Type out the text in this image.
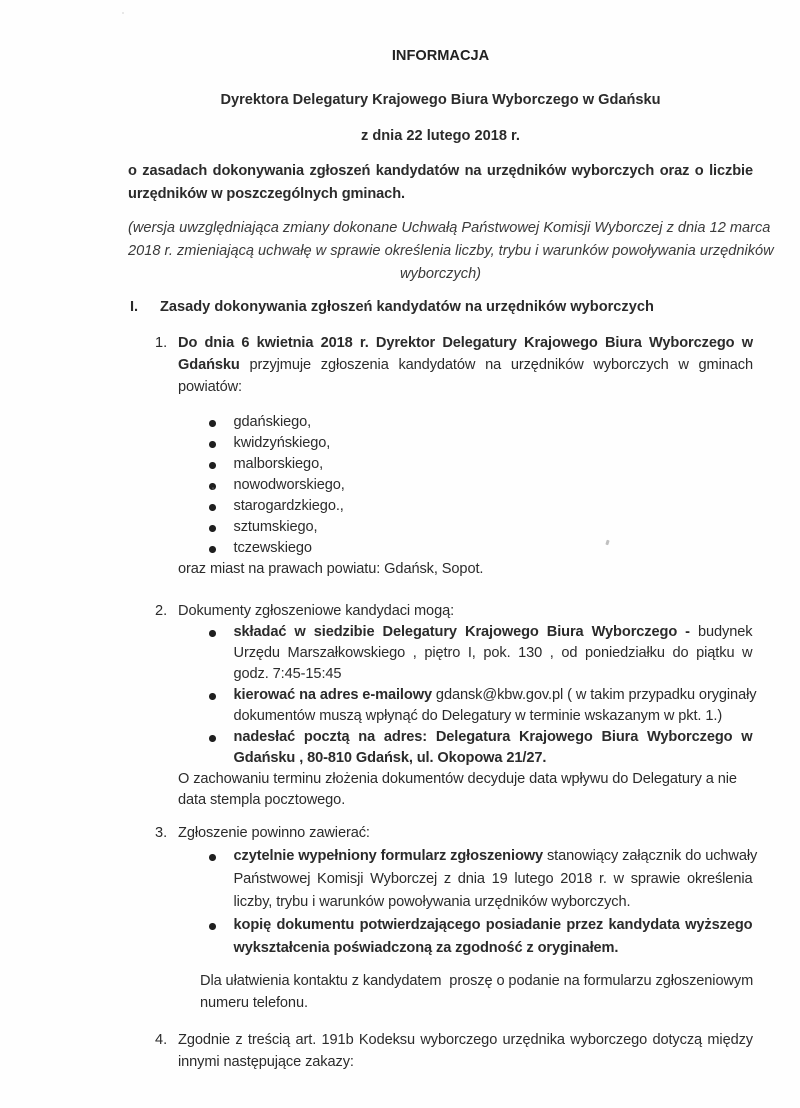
INFORMACJA
Dyrektora Delegatury Krajowego Biura Wyborczego w Gdańsku
z dnia 22 lutego 2018 r.
o zasadach dokonywania zgłoszeń kandydatów na urzędników wyborczych oraz o liczbie
urzędników w poszczególnych gminach.
(wersja uwzględniająca zmiany dokonane Uchwałą Państwowej Komisji Wyborczej z dnia 12 marca
2018 r. zmieniającą uchwałę w sprawie określenia liczby, trybu i warunków powoływania urzędników
wyborczych)
I.	Zasady dokonywania zgłoszeń kandydatów na urzędników wyborczych
1. Do dnia 6 kwietnia 2018 r. Dyrektor Delegatury Krajowego Biura Wyborczego w
Gdańsku przyjmuje zgłoszenia kandydatów na urzędników wyborczych w gminach
powiatów:
gdańskiego,
kwidzyńskiego,
malborskiego,
nowodworskiego,
starogardzkiego.,
sztumskiego,
tczewskiego
oraz miast na prawach powiatu: Gdańsk, Sopot.
2. Dokumenty zgłoszeniowe kandydaci mogą:
składać w siedzibie Delegatury Krajowego Biura Wyborczego - budynek
Urzędu Marszałkowskiego , piętro I, pok. 130 , od poniedziałku do piątku w
godz. 7:45-15:45
kierować na adres e-mailowy gdansk@kbw.gov.pl ( w takim przypadku oryginały
dokumentów muszą wpłynąć do Delegatury w terminie wskazanym w pkt. 1.)
nadesłać pocztą na adres: Delegatura Krajowego Biura Wyborczego w
Gdańsku , 80-810 Gdańsk, ul. Okopowa 21/27.
O zachowaniu terminu złożenia dokumentów decyduje data wpływu do Delegatury a nie
data stempla pocztowego.
3. Zgłoszenie powinno zawierać:
czytelnie wypełniony formularz zgłoszeniowy stanowiący załącznik do uchwały
Państwowej Komisji Wyborczej z dnia 19 lutego 2018 r. w sprawie określenia
liczby, trybu i warunków powoływania urzędników wyborczych.
kopię dokumentu potwierdzającego posiadanie przez kandydata wyższego
wykształcenia poświadczoną za zgodność z oryginałem.
Dla ułatwienia kontaktu z kandydatem  proszę o podanie na formularzu zgłoszeniowym
numeru telefonu.
4. Zgodnie z treścią art. 191b Kodeksu wyborczego urzędnika wyborczego dotyczą między
innymi następujące zakazy:
